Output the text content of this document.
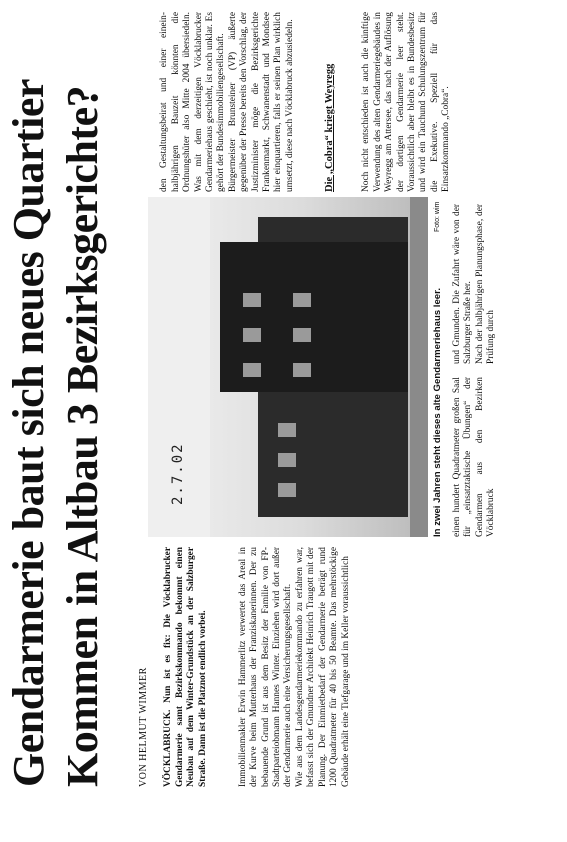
Gendarmerie baut sich neues Quartier Kommen in Altbau 3 Bezirksgerichte?	VON HELMUT WIMMER VÖCKLABRUCK. Nun ist es fix: Die Vöcklabrucker Gendarmerie samt Bezirkskommando bekommt einen Neubau auf dem Winter-Grundstück an der Salzburger Straße. Dann ist die Platznot endlich vorbei.	Immobilienmakler Erwin Hammerlitz verwertet das Areal in der Kurve beim Mutterhaus der Franziskanerinnen. Der zu bebauende Grund ist aus dem Besitz der Familie von FP-Stadtparteiobmann Hannes Winter. Einziehen wird dort außer der Gendarmerie auch eine Versicherungsgesellschaft.
Wie aus dem Landesgendarmeriekommando zu erfahren war, befasst sich der Gmundner Architekt Heinrich Traugott mit der Planung. Der Einmietbedarf der Gendarmerie beträgt rund 1200 Quadratmeter für 40 bis 50 Beamte. Das mehrstöckige Gebäude erhält eine Tiefgarage und im Keller voraussichtlich

2.7.02	In zwei Jahren steht dieses alte Gendarmeriehaus leer.
Foto: wim
einen hundert Quadratmeter großen Saal für „einsatztaktische Übungen“ der Gendarmen aus den Bezirken Vöcklabruck
und Gmunden. Die Zufahrt wäre von der Salzburger Straße her.
Nach der halbjährigen Planungsphase, der Prüfung durch

den Gestaltungsbeirat und einer eineinhalbjährigen Bauzeit könnten die Ordnungshüter also Mitte 2004 übersiedeln. Was mit dem derzeitigen Vöcklabrucker Gendarmeriehaus geschieht, ist noch unklar. Es gehört der Bundesimmobiliengesellschaft.
Bürgermeister Brunsteiner (VP) äußerte gegenüber der Presse bereits den Vorschlag, der Justizminister möge die Bezirksgerichte Frankenmarkt, Schwanenstadt und Mondsee hier einquartieren, falls er seinen Plan wirklich umsetzt, diese nach Vöcklabruck abzusiedeln.

Die „Cobra“ kriegt Weyregg	Noch nicht entschieden ist auch die künftige Verwendung des alten Gendarmeriegebäudes in Weyregg am Attersee, das nach der Auflösung der dortigen Gendarmerie leer steht. Voraussichtlich aber bleibt es in Bundesbesitz und wird ein Tauchund Schulungszentrum für die Exekutive. Speziell für das Einsatzkommando „Cobra“.
